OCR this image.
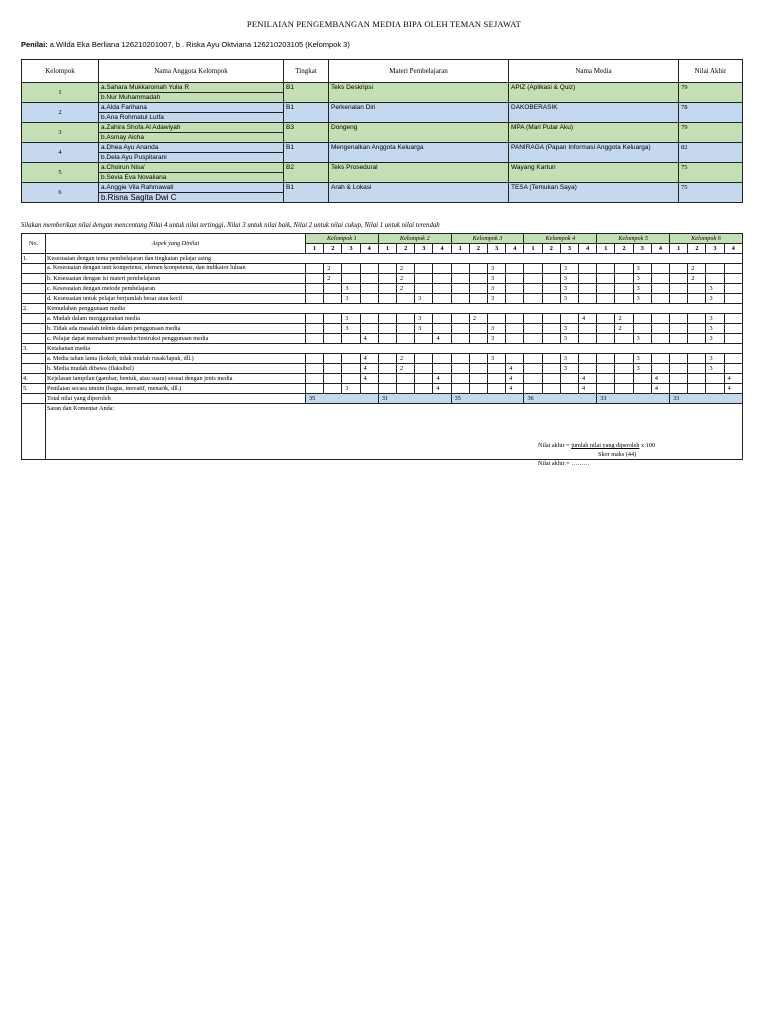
PENILAIAN PENGEMBANGAN MEDIA BIPA OLEH TEMAN SEJAWAT
Penilai: a.Wilda Eka Berliana 126210201007, b . Riska Ayu Oktviana 126210203105 (Kelompok 3)
Kelompok	Nama Anggota Kelompok	Tingkat	Materi Pembelajaran	Nama Media	Nilai Akhir
1	a.Sahara Mukkaromah Yulia R	B1	Teks Deskripsi	APIZ (Aplikasi & Quiz)	79
	b.Nur Muhammadah				
2	a.Alda Farihana	B1	Perkenalan Diri	DAKOBERASIK	78
	b.Ana Rohmatul Lutfa				
3	a.Zahira Shofa Al Adawiyah	B3	Dongeng	MPA (Mari Putar Aku)	79
	b.Asmay Aicha				
4	a.Dhea Ayu Ananda	B1	Mengenalkan Anggota Keluarga	PANIRAGA (Papan Informasi Anggota Keluarga)	82
	b.Dela Ayu Puspitarani				
5	a.Choirun Nisa'	B2	Teks Prosedural	Wayang Kartun	75
	b.Sevia Eva Novaliana				
6	a.Anggie Vila Rahmawati	B1	Arah & Lokasi	TESA (Temukan Saya)	75
	b.Risna Sagita Dwi C				
Silakan memberikan nilai dengan mencentang Nilai 4 untuk nilai tertinggi, Nilai 3 untuk nilai baik, Nilai 2 untuk nilai cukup, Nilai 1 untuk nilai terendah
No.	Aspek yang Dinilai	Kelompok 1				Kelompok 2				Kelompok 3				Kelompok 4				Kelompok 5				Kelompok 6			
		1	2	3	4	1	2	3	4	1	2	3	4	1	2	3	4	1	2	3	4	1	2	3	4
1.	Kesesuaian dengan tema pembelajaran dan tingkatan pelajar asing																								
	a. Kesesuaian dengan unit kompetensi, elemen kompetensi, dan indikator luluan		2				2					3				3				3			2		
	b. Kesesuaian dengan isi materi pembelajaran		2				2					3				3				3			2		
	c. Kesesuaian dengan metode pembelajaran			3			2					3				3				3				3	
	d. Kesesuaian untuk pelajar berjumlah besar atau kecil			3				3				3				3				3				3	
2.	Kemudahan penggunaan media																								
	a. Mudah dalam menggunakan media			3				3			2						4		2					3	
	b. Tidak ada masalah teknis dalam penggunaan media			3				3				3				3			2					3	
	c. Pelajar dapat memahami prosedur/instruksi penggunaan media				4				4			3				3				3				3	
3.	Ketahanan media																								
	a. Media tahan lama (kokoh, tidak mudah rusak/lapuk, dll.)				4		2					3				3				3				3	
	b. Media mudah dibawa (flaksibel)				4		2						4			3				3				3	
4.	Kejelasan tampilan (gambar, bentuk, atau suara) sesuai dengan jenis media				4				4				4				4				4				4
5.	Penilaian secara umum (bagus, inovatif, menarik, dll.)			3					4				4				4				4				4
	Total nilai yang diperoleh	35				31				35				36				33				33			
	Saran dan Komentar Anda:																								
Nilai akhir = jumlah nilai yang diperoleh x 100
Skor maks (44)
Nilai akhir = ………
